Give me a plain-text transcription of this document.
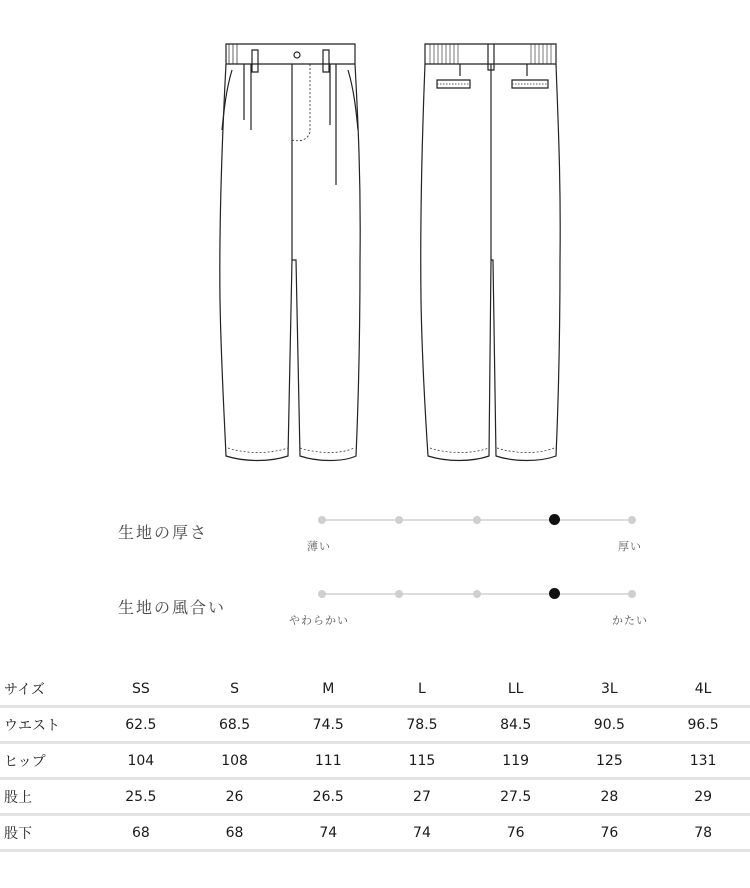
生地の厚さ
薄い	厚い
生地の風合い
やわらかい	かたい
サイズ	SS	S	M	L	LL	3L	4L
ウエスト	62.5	68.5	74.5	78.5	84.5	90.5	96.5
ヒップ	104	108	111	115	119	125	131
股上	25.5	26	26.5	27	27.5	28	29
股下	68	68	74	74	76	76	78
